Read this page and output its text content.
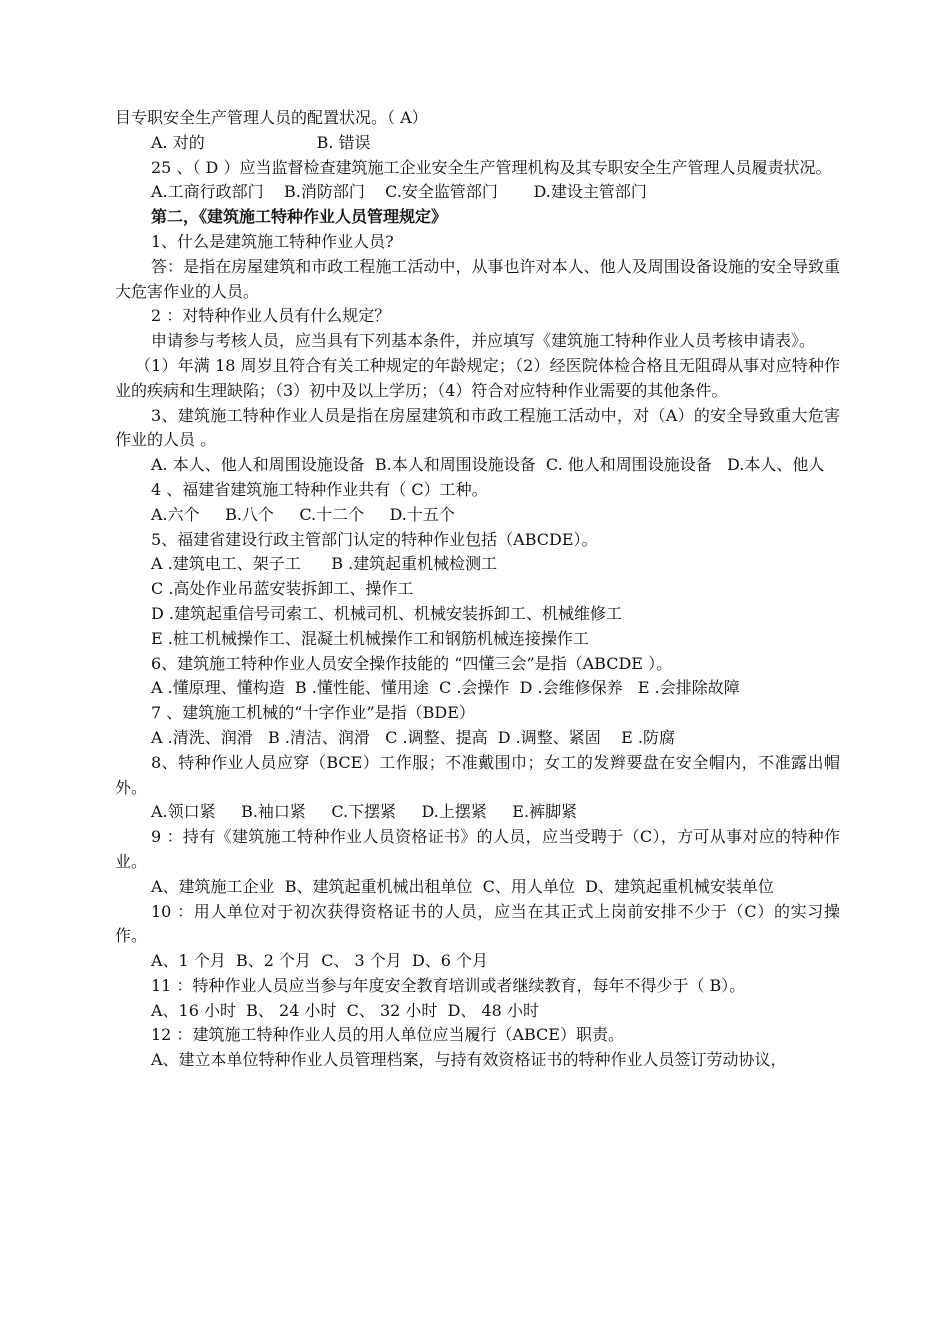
目专职安全生产管理人员的配置状况。（ A）

A. 对的                      B. 错误

25 、（ D ）应当监督检查建筑施工企业安全生产管理机构及其专职安全生产管理人员履责状况。

A.工商行政部门    B.消防部门    C.安全监管部门       D.建设主管部门

第二，《建筑施工特种作业人员管理规定》

1、什么是建筑施工特种作业人员?

答：是指在房屋建筑和市政工程施工活动中，从事也许对本人、他人及周围设备设施的安全导致重大危害作业的人员。

2 ：对特种作业人员有什么规定？

申请参与考核人员，应当具有下列基本条件，并应填写《建筑施工特种作业人员考核申请表》。

（1）年满 18 周岁且符合有关工种规定的年龄规定；（2）经医院体检合格且无阻碍从事对应特种作业的疾病和生理缺陷；（3）初中及以上学历；（4）符合对应特种作业需要的其他条件。

3、建筑施工特种作业人员是指在房屋建筑和市政工程施工活动中，对（A）的安全导致重大危害作业的人员 。

A. 本人、他人和周围设施设备  B.本人和周围设施设备  C. 他人和周围设施设备   D.本人、他人

4 、福建省建筑施工特种作业共有（ C）工种。

A.六个     B.八个     C.十二个     D.十五个

5、福建省建设行政主管部门认定的特种作业包括（ABCDE）。

A .建筑电工、架子工      B .建筑起重机械检测工

C .高处作业吊蓝安装拆卸工、操作工

D .建筑起重信号司索工、机械司机、机械安装拆卸工、机械维修工

E .桩工机械操作工、混凝土机械操作工和钢筋机械连接操作工

6、建筑施工特种作业人员安全操作技能的 “四懂三会”是指（ABCDE ）。

A .懂原理、懂构造  B .懂性能、懂用途  C .会操作  D .会维修保养   E .会排除故障

7 、建筑施工机械的“十字作业”是指（BDE）

A .清洗、润滑   B .清洁、润滑   C .调整、提高  D .调整、紧固    E .防腐

8、特种作业人员应穿（BCE）工作服；不准戴围巾；女工的发辫要盘在安全帽内，不准露出帽外。

A.领口紧     B.袖口紧     C.下摆紧     D.上摆紧     E.裤脚紧

9 ：持有《建筑施工特种作业人员资格证书》的人员，应当受聘于（C），方可从事对应的特种作业。

A、建筑施工企业  B、建筑起重机械出租单位  C、用人单位  D、建筑起重机械安装单位

10 ：用人单位对于初次获得资格证书的人员，应当在其正式上岗前安排不少于（C）的实习操作。

A、1 个月  B、2 个月  C、 3 个月  D、6 个月

11 ：特种作业人员应当参与年度安全教育培训或者继续教育，每年不得少于（ B）。

A、16 小时  B、 24 小时  C、 32 小时  D、 48 小时

12 ：建筑施工特种作业人员的用人单位应当履行（ABCE）职责。

A、建立本单位特种作业人员管理档案，与持有效资格证书的特种作业人员签订劳动协议，
